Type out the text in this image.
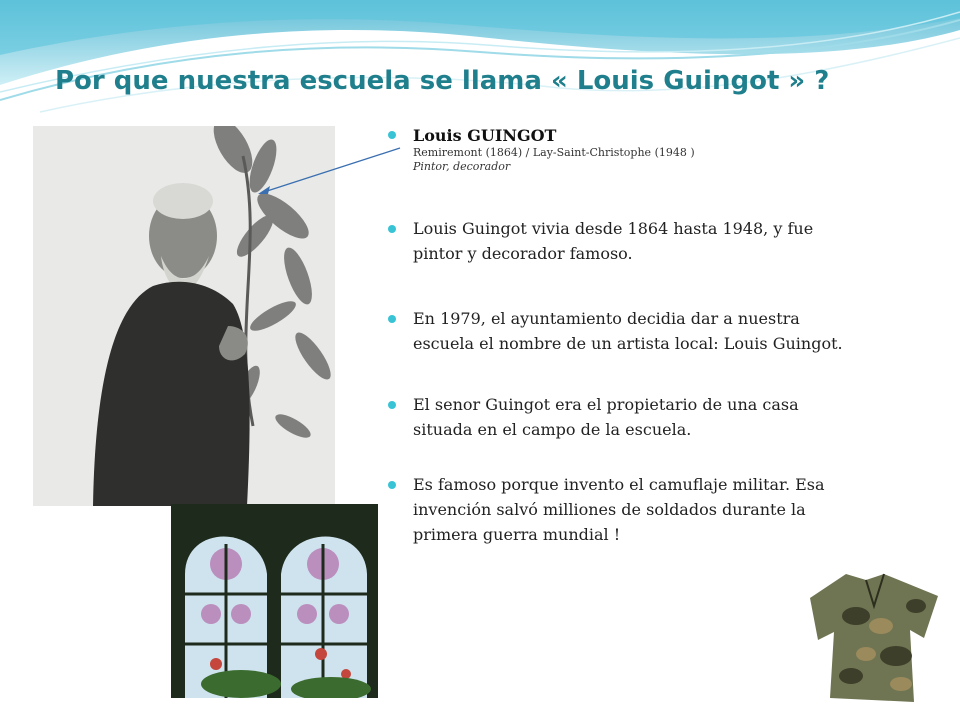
Por que nuestra escuela se llama « Louis Guingot » ?
Louis GUINGOT
Remiremont (1864) / Lay-Saint-Christophe (1948 )
Pintor, decorador
Louis Guingot vivia desde 1864 hasta 1948, y fue pintor y decorador famoso.
En 1979, el ayuntamiento decidia dar a nuestra escuela el nombre de un artista local: Louis Guingot.
El senor Guingot era el propietario de una casa situada en el campo de la escuela.
Es famoso porque invento el camuflaje militar. Esa invención salvó milliones de soldados durante la primera guerra mundial !
